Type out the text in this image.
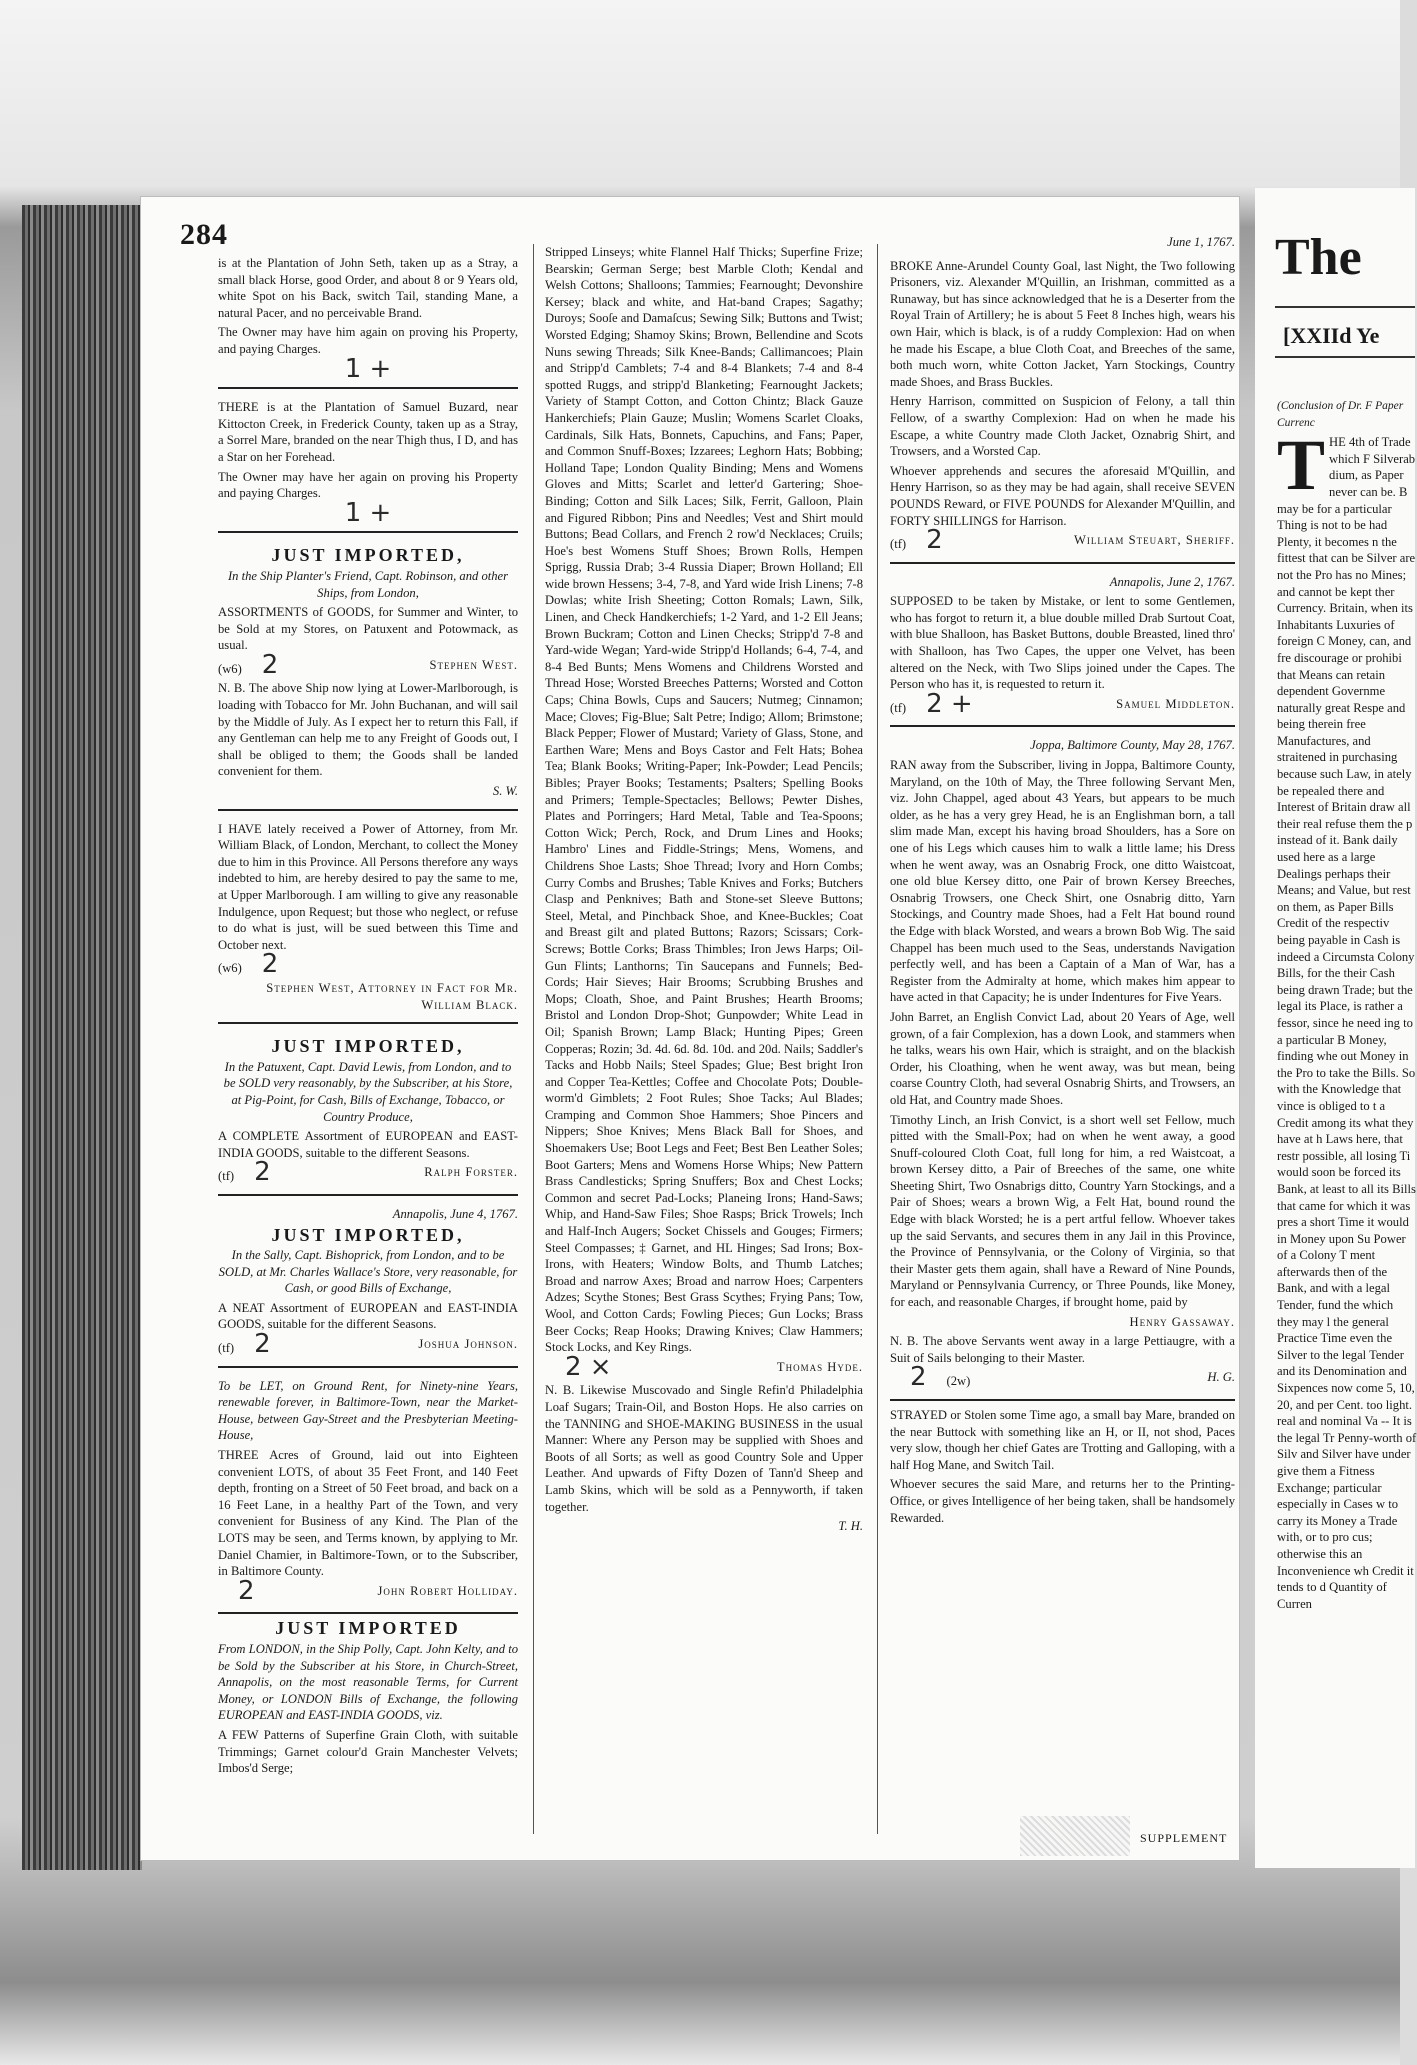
284

is at the Plantation of John Seth, taken up as a Stray, a small black Horse, good Order, and about 8 or 9 Years old, white Spot on his Back, switch Tail, standing Mane, a natural Pacer, and no perceivable Brand.

The Owner may have him again on proving his Property, and paying Charges.

1 +

THERE is at the Plantation of Samuel Buzard, near Kittocton Creek, in Frederick County, taken up as a Stray, a Sorrel Mare, branded on the near Thigh thus, I D, and has a Star on her Forehead.

The Owner may have her again on proving his Property and paying Charges.

1 +
JUST IMPORTED,

In the Ship Planter's Friend, Capt. Robinson, and other Ships, from London,

ASSORTMENTS of GOODS, for Summer and Winter, to be Sold at my Stores, on Patuxent and Potowmack, as usual.

(w6) 2	Stephen West.

N. B. The above Ship now lying at Lower-Marlborough, is loading with Tobacco for Mr. John Buchanan, and will sail by the Middle of July. As I expect her to return this Fall, if any Gentleman can help me to any Freight of Goods out, I shall be obliged to them; the Goods shall be landed convenient for them.

S. W.

I HAVE lately received a Power of Attorney, from Mr. William Black, of London, Merchant, to collect the Money due to him in this Province. All Persons therefore any ways indebted to him, are hereby desired to pay the same to me, at Upper Marlborough. I am willing to give any reasonable Indulgence, upon Request; but those who neglect, or refuse to do what is just, will be sued between this Time and October next.

(w6) 2

Stephen West, Attorney in Fact for Mr. William Black.

JUST IMPORTED,

In the Patuxent, Capt. David Lewis, from London, and to be SOLD very reasonably, by the Subscriber, at his Store, at Pig-Point, for Cash, Bills of Exchange, Tobacco, or Country Produce,

A COMPLETE Assortment of EUROPEAN and EAST-INDIA GOODS, suitable to the different Seasons.

(tf) 2	Ralph Forster.

Annapolis, June 4, 1767.

JUST IMPORTED,

In the Sally, Capt. Bishoprick, from London, and to be SOLD, at Mr. Charles Wallace's Store, very reasonable, for Cash, or good Bills of Exchange,

A NEAT Assortment of EUROPEAN and EAST-INDIA GOODS, suitable for the different Seasons.

(tf) 2	Joshua Johnson.

To be LET, on Ground Rent, for Ninety-nine Years, renewable forever, in Baltimore-Town, near the Market-House, between Gay-Street and the Presbyterian Meeting-House,

THREE Acres of Ground, laid out into Eighteen convenient LOTS, of about 35 Feet Front, and 140 Feet depth, fronting on a Street of 50 Feet broad, and back on a 16 Feet Lane, in a healthy Part of the Town, and very convenient for Business of any Kind. The Plan of the LOTS may be seen, and Terms known, by applying to Mr. Daniel Chamier, in Baltimore-Town, or to the Subscriber, in Baltimore County.

2	John Robert Holliday.

JUST IMPORTED

From LONDON, in the Ship Polly, Capt. John Kelty, and to be Sold by the Subscriber at his Store, in Church-Street, Annapolis, on the most reasonable Terms, for Current Money, or LONDON Bills of Exchange, the following EUROPEAN and EAST-INDIA GOODS, viz.

A FEW Patterns of Superfine Grain Cloth, with suitable Trimmings; Garnet colour'd Grain Manchester Velvets; Imbos'd Serge;

Stripped Linseys; white Flannel Half Thicks; Superfine Frize; Bearskin; German Serge; best Marble Cloth; Kendal and Welsh Cottons; Shalloons; Tammies; Fearnought; Devonshire Kersey; black and white, and Hat-band Crapes; Sagathy; Duroys; Sooſe and Damaſcus; Sewing Silk; Buttons and Twist; Worsted Edging; Shamoy Skins; Brown, Bellendine and Scots Nuns sewing Threads; Silk Knee-Bands; Callimancoes; Plain and Stripp'd Camblets; 7-4 and 8-4 Blankets; 7-4 and 8-4 spotted Ruggs, and stripp'd Blanketing; Fearnought Jackets; Variety of Stampt Cotton, and Cotton Chintz; Black Gauze Hankerchiefs; Plain Gauze; Muslin; Womens Scarlet Cloaks, Cardinals, Silk Hats, Bonnets, Capuchins, and Fans; Paper, and Common Snuff-Boxes; Izzarees; Leghorn Hats; Bobbing; Holland Tape; London Quality Binding; Mens and Womens Gloves and Mitts; Scarlet and letter'd Gartering; Shoe-Binding; Cotton and Silk Laces; Silk, Ferrit, Galloon, Plain and Figured Ribbon; Pins and Needles; Vest and Shirt mould Buttons; Bead Collars, and French 2 row'd Necklaces; Cruils; Hoe's best Womens Stuff Shoes; Brown Rolls, Hempen Sprigg, Russia Drab; 3-4 Russia Diaper; Brown Holland; Ell wide brown Hessens; 3-4, 7-8, and Yard wide Irish Linens; 7-8 Dowlas; white Irish Sheeting; Cotton Romals; Lawn, Silk, Linen, and Check Handkerchiefs; 1-2 Yard, and 1-2 Ell Jeans; Brown Buckram; Cotton and Linen Checks; Stripp'd 7-8 and Yard-wide Wegan; Yard-wide Stripp'd Hollands; 6-4, 7-4, and 8-4 Bed Bunts; Mens Womens and Childrens Worsted and Thread Hose; Worsted Breeches Patterns; Worsted and Cotton Caps; China Bowls, Cups and Saucers; Nutmeg; Cinnamon; Mace; Cloves; Fig-Blue; Salt Petre; Indigo; Allom; Brimstone; Black Pepper; Flower of Mustard; Variety of Glass, Stone, and Earthen Ware; Mens and Boys Castor and Felt Hats; Bohea Tea; Blank Books; Writing-Paper; Ink-Powder; Lead Pencils; Bibles; Prayer Books; Testaments; Psalters; Spelling Books and Primers; Temple-Spectacles; Bellows; Pewter Dishes, Plates and Porringers; Hard Metal, Table and Tea-Spoons; Cotton Wick; Perch, Rock, and Drum Lines and Hooks; Hambro' Lines and Fiddle-Strings; Mens, Womens, and Childrens Shoe Lasts; Shoe Thread; Ivory and Horn Combs; Curry Combs and Brushes; Table Knives and Forks; Butchers Clasp and Penknives; Bath and Stone-set Sleeve Buttons; Steel, Metal, and Pinchback Shoe, and Knee-Buckles; Coat and Breast gilt and plated Buttons; Razors; Scissars; Cork-Screws; Bottle Corks; Brass Thimbles; Iron Jews Harps; Oil-Gun Flints; Lanthorns; Tin Saucepans and Funnels; Bed-Cords; Hair Sieves; Hair Brooms; Scrubbing Brushes and Mops; Cloath, Shoe, and Paint Brushes; Hearth Brooms; Bristol and London Drop-Shot; Gunpowder; White Lead in Oil; Spanish Brown; Lamp Black; Hunting Pipes; Green Copperas; Rozin; 3d. 4d. 6d. 8d. 10d. and 20d. Nails; Saddler's Tacks and Hobb Nails; Steel Spades; Glue; Best bright Iron and Copper Tea-Kettles; Coffee and Chocolate Pots; Double-worm'd Gimblets; 2 Foot Rules; Shoe Tacks; Aul Blades; Cramping and Common Shoe Hammers; Shoe Pincers and Nippers; Shoe Knives; Mens Black Ball for Shoes, and Shoemakers Use; Boot Legs and Feet; Best Ben Leather Soles; Boot Garters; Mens and Womens Horse Whips; New Pattern Brass Candlesticks; Spring Snuffers; Box and Chest Locks; Common and secret Pad-Locks; Planeing Irons; Hand-Saws; Whip, and Hand-Saw Files; Shoe Rasps; Brick Trowels; Inch and Half-Inch Augers; Socket Chissels and Gouges; Firmers; Steel Compasses; ‡ Garnet, and HL Hinges; Sad Irons; Box-Irons, with Heaters; Window Bolts, and Thumb Latches; Broad and narrow Axes; Broad and narrow Hoes; Carpenters Adzes; Scythe Stones; Best Grass Scythes; Frying Pans; Tow, Wool, and Cotton Cards; Fowling Pieces; Gun Locks; Brass Beer Cocks; Reap Hooks; Drawing Knives; Claw Hammers; Stock Locks, and Key Rings.

2 ×	Thomas Hyde.

N. B. Likewise Muscovado and Single Refin'd Philadelphia Loaf Sugars; Train-Oil, and Boston Hops. He also carries on the TANNING and SHOE-MAKING BUSINESS in the usual Manner: Where any Person may be supplied with Shoes and Boots of all Sorts; as well as good Country Sole and Upper Leather. And upwards of Fifty Dozen of Tann'd Sheep and Lamb Skins, which will be sold as a Pennyworth, if taken together.

T. H.

June 1, 1767.

BROKE Anne-Arundel County Goal, last Night, the Two following Prisoners, viz. Alexander M'Quillin, an Irishman, committed as a Runaway, but has since acknowledged that he is a Deserter from the Royal Train of Artillery; he is about 5 Feet 8 Inches high, wears his own Hair, which is black, is of a ruddy Complexion: Had on when he made his Escape, a blue Cloth Coat, and Breeches of the same, both much worn, white Cotton Jacket, Yarn Stockings, Country made Shoes, and Brass Buckles.

Henry Harrison, committed on Suspicion of Felony, a tall thin Fellow, of a swarthy Complexion: Had on when he made his Escape, a white Country made Cloth Jacket, Oznabrig Shirt, and Trowsers, and a Worsted Cap.

Whoever apprehends and secures the aforesaid M'Quillin, and Henry Harrison, so as they may be had again, shall receive SEVEN POUNDS Reward, or FIVE POUNDS for Alexander M'Quillin, and FORTY SHILLINGS for Harrison.

(tf) 2	William Steuart, Sheriff.

Annapolis, June 2, 1767.

SUPPOSED to be taken by Mistake, or lent to some Gentlemen, who has forgot to return it, a blue double milled Drab Surtout Coat, with blue Shalloon, has Basket Buttons, double Breasted, lined thro' with Shalloon, has Two Capes, the upper one Velvet, has been altered on the Neck, with Two Slips joined under the Capes. The Person who has it, is requested to return it.

(tf) 2 +	Samuel Middleton.

Joppa, Baltimore County, May 28, 1767.

RAN away from the Subscriber, living in Joppa, Baltimore County, Maryland, on the 10th of May, the Three following Servant Men, viz. John Chappel, aged about 43 Years, but appears to be much older, as he has a very grey Head, he is an Englishman born, a tall slim made Man, except his having broad Shoulders, has a Sore on one of his Legs which causes him to walk a little lame; his Dress when he went away, was an Osnabrig Frock, one ditto Waistcoat, one old blue Kersey ditto, one Pair of brown Kersey Breeches, Osnabrig Trowsers, one Check Shirt, one Osnabrig ditto, Yarn Stockings, and Country made Shoes, had a Felt Hat bound round the Edge with black Worsted, and wears a brown Bob Wig. The said Chappel has been much used to the Seas, understands Navigation perfectly well, and has been a Captain of a Man of War, has a Register from the Admiralty at home, which makes him appear to have acted in that Capacity; he is under Indentures for Five Years.

John Barret, an English Convict Lad, about 20 Years of Age, well grown, of a fair Complexion, has a down Look, and stammers when he talks, wears his own Hair, which is straight, and on the blackish Order, his Cloathing, when he went away, was but mean, being coarse Country Cloth, had several Osnabrig Shirts, and Trowsers, an old Hat, and Country made Shoes.

Timothy Linch, an Irish Convict, is a short well set Fellow, much pitted with the Small-Pox; had on when he went away, a good Snuff-coloured Cloth Coat, full long for him, a red Waistcoat, a brown Kersey ditto, a Pair of Breeches of the same, one white Sheeting Shirt, Two Osnabrigs ditto, Country Yarn Stockings, and a Pair of Shoes; wears a brown Wig, a Felt Hat, bound round the Edge with black Worsted; he is a pert artful fellow. Whoever takes up the said Servants, and secures them in any Jail in this Province, the Province of Pennsylvania, or the Colony of Virginia, so that their Master gets them again, shall have a Reward of Nine Pounds, Maryland or Pennsylvania Currency, or Three Pounds, like Money, for each, and reasonable Charges, if brought home, paid by

Henry Gassaway.

N. B. The above Servants went away in a large Pettiaugre, with a Suit of Sails belonging to their Master.

2 (2w)	H. G.

STRAYED or Stolen some Time ago, a small bay Mare, branded on the near Buttock with something like an H, or II, not shod, Paces very slow, though her chief Gates are Trotting and Galloping, with a half Hog Mane, and Switch Tail.

Whoever secures the said Mare, and returns her to the Printing-Office, or gives Intelligence of her being taken, shall be handsomely Rewarded.

SUPPLEMENT
The
[XXIId Ye

(Conclusion of Dr. F Paper Currenc

T HE 4th of Trade which F Silverab dium, as Paper never can be. B may be for a particular Thing is not to be had Plenty, it becomes n the fittest that can be Silver are not the Pro has no Mines; and cannot be kept ther Currency. Britain, when its Inhabitants Luxuries of foreign C Money, can, and fre discourage or prohibi that Means can retain dependent Governme naturally great Respe and being therein free Manufactures, and straitened in purchasing because such Law, in ately be repealed there and Interest of Britain draw all their real refuse them the p instead of it. Bank daily used here as a large Dealings perhaps their Means; and Value, but rest on them, as Paper Bills Credit of the respectiv being payable in Cash is indeed a Circumsta Colony Bills, for the their Cash being drawn Trade; but the legal its Place, is rather a fessor, since he need ing to a particular B Money, finding whe out Money in the Pro to take the Bills. So with the Knowledge that vince is obliged to t a Credit among its what they have at h Laws here, that restr possible, all losing Ti would soon be forced its Bank, at least to all its Bills that came for which it was pres a short Time it would in Money upon Su Power of a Colony T ment afterwards then of the Bank, and with a legal Tender, fund the which they may l the general Practice Time even the Silver to the legal Tender and its Denomination and Sixpences now come 5, 10, 20, and per Cent. too light. real and nominal Va -- It is the legal Tr Penny-worth of Silv and Silver have under give them a Fitness Exchange; particular especially in Cases w to carry its Money a Trade with, or to pro cus; otherwise this an Inconvenience wh Credit it tends to d Quantity of Curren
